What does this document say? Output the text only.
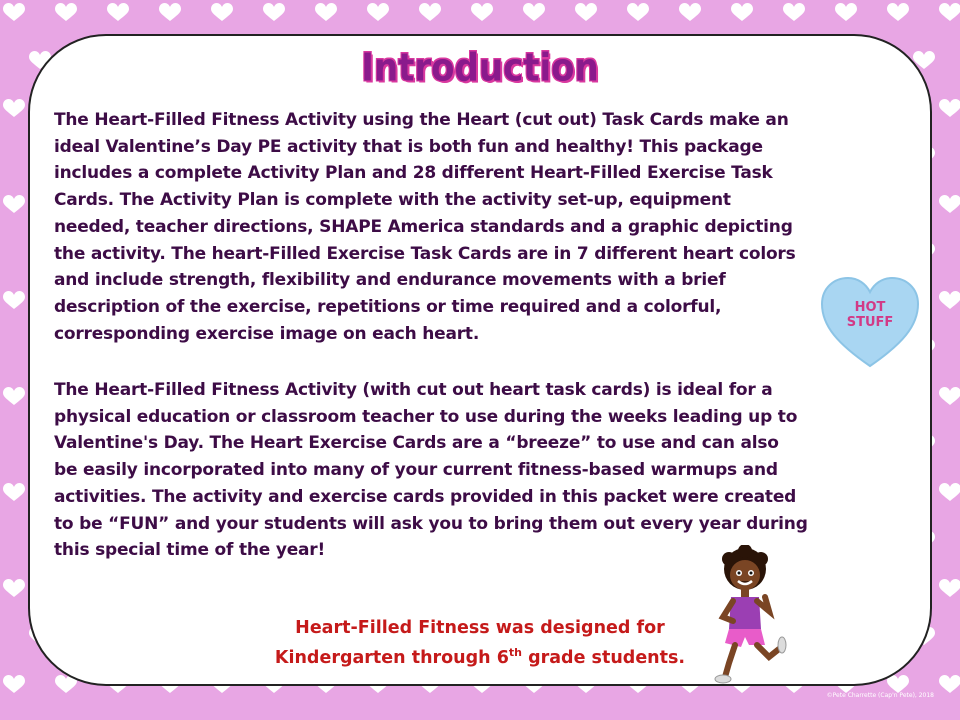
Introduction
The Heart-Filled Fitness Activity using the Heart (cut out) Task Cards make an
ideal Valentine’s Day PE activity that is both fun and healthy! This package
includes a complete Activity Plan and 28 different Heart-Filled Exercise Task
Cards. The Activity Plan is complete with the activity set-up, equipment
needed, teacher directions, SHAPE America standards and a graphic depicting
the activity. The heart-Filled Exercise Task Cards are in 7 different heart colors
and include strength, flexibility and endurance movements with a brief
description of the exercise, repetitions or time required and a colorful,
corresponding exercise image on each heart.
The Heart-Filled Fitness Activity (with cut out heart task cards) is ideal for a
physical education or classroom teacher to use during the weeks leading up to
Valentine's Day. The Heart Exercise Cards are a “breeze” to use and can also
be easily incorporated into many of your current fitness-based warmups and
activities. The activity and exercise cards provided in this packet were created
to be “FUN” and your students will ask you to bring them out every year during
this special time of the year!
HOT
STUFF

Heart-Filled Fitness was designed for

Kindergarten through 6th grade students.

©Pete Charrette (Cap'n Pete), 2018
